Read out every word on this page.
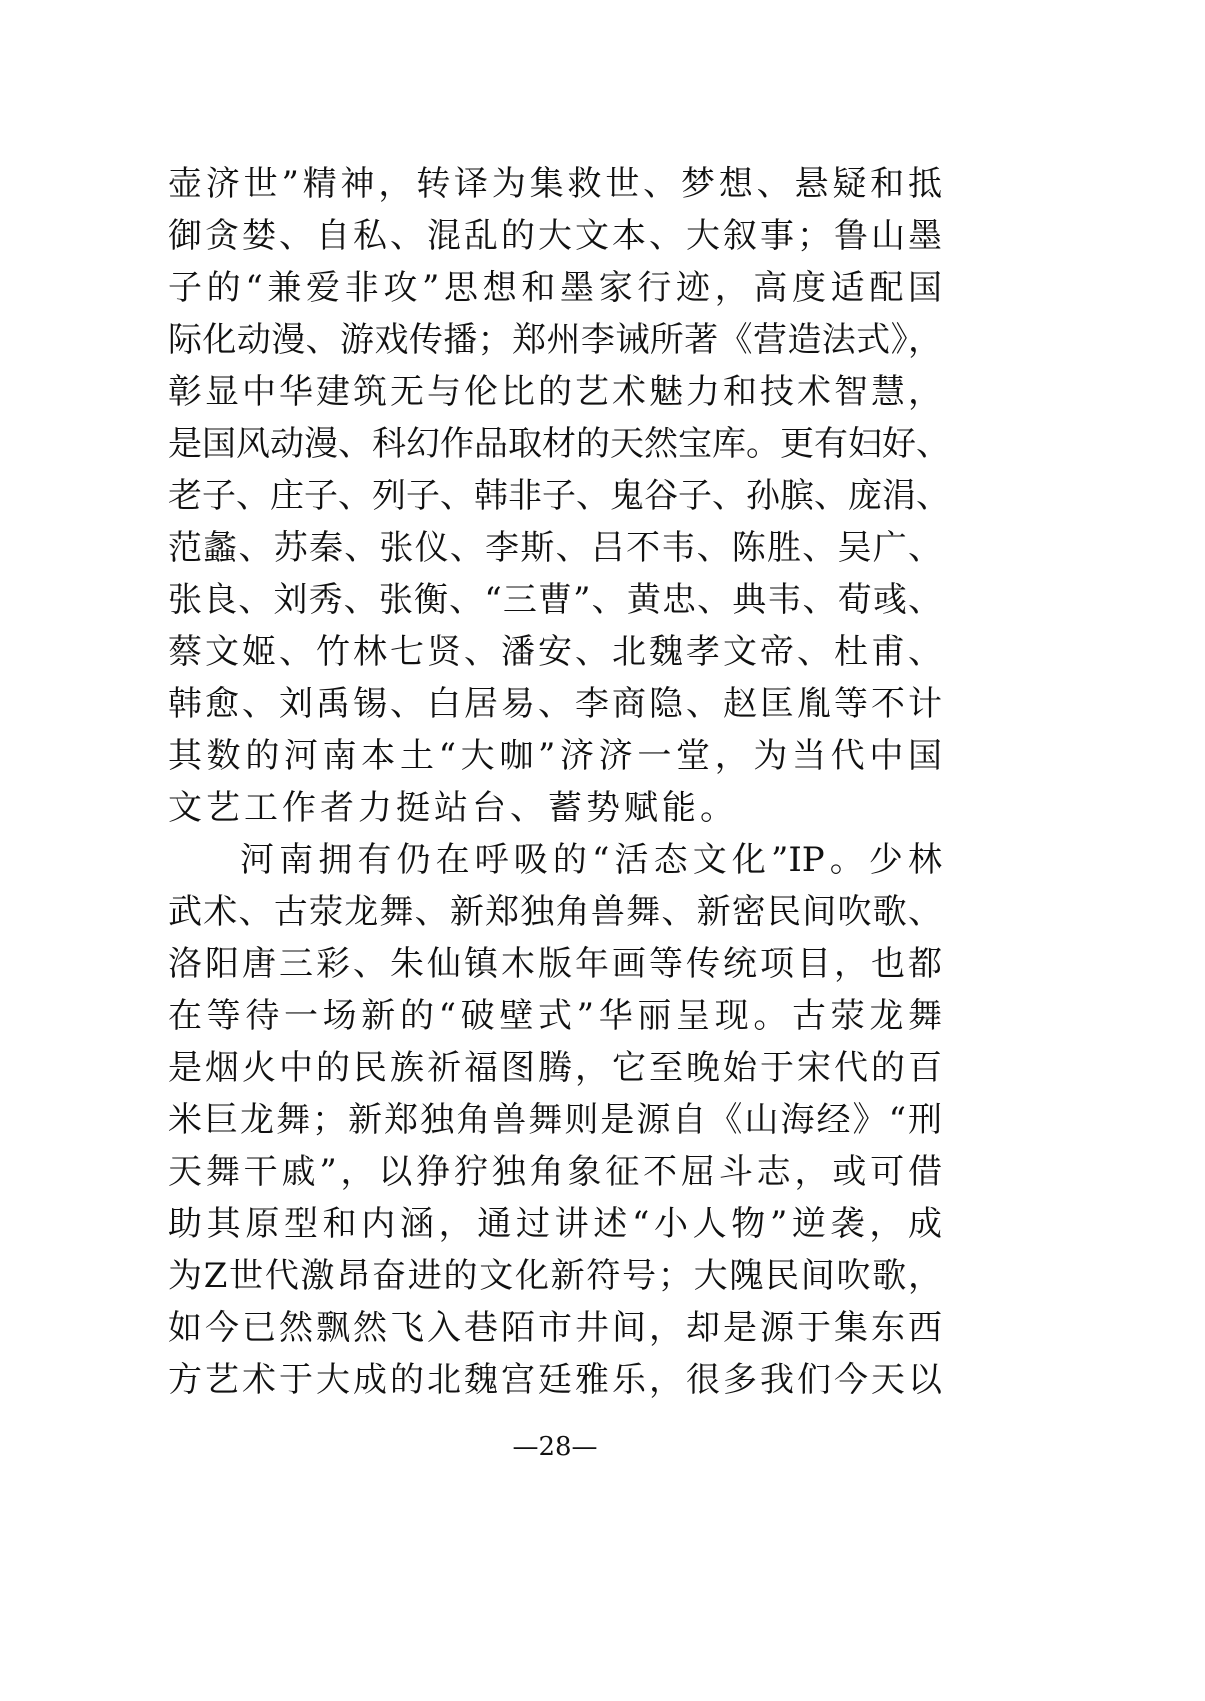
壶济世”精神，转译为集救世、梦想、悬疑和抵
御贪婪、自私、混乱的大文本、大叙事；鲁山墨
子的“兼爱非攻”思想和墨家行迹，高度适配国
际化动漫、游戏传播；郑州李诫所著《营造法式》，
彰显中华建筑无与伦比的艺术魅力和技术智慧，
是国风动漫、科幻作品取材的天然宝库。更有妇好、
老子、庄子、列子、韩非子、鬼谷子、孙膑、庞涓、
范蠡、苏秦、张仪、李斯、吕不韦、陈胜、吴广、
张良、刘秀、张衡、“三曹”、黄忠、典韦、荀彧、
蔡文姬、竹林七贤、潘安、北魏孝文帝、杜甫、
韩愈、刘禹锡、白居易、李商隐、赵匡胤等不计
其数的河南本土“大咖”济济一堂，为当代中国
文艺工作者力挺站台、蓄势赋能。
河南拥有仍在呼吸的“活态文化”IP。少林
武术、古荥龙舞、新郑独角兽舞、新密民间吹歌、
洛阳唐三彩、朱仙镇木版年画等传统项目，也都
在等待一场新的“破壁式”华丽呈现。古荥龙舞
是烟火中的民族祈福图腾，它至晚始于宋代的百
米巨龙舞；新郑独角兽舞则是源自《山海经》“刑
天舞干戚”，以狰狞独角象征不屈斗志，或可借
助其原型和内涵，通过讲述“小人物”逆袭，成
为Z世代激昂奋进的文化新符号；大隗民间吹歌，
如今已然飘然飞入巷陌市井间，却是源于集东西
方艺术于大成的北魏宫廷雅乐，很多我们今天以
—28—
